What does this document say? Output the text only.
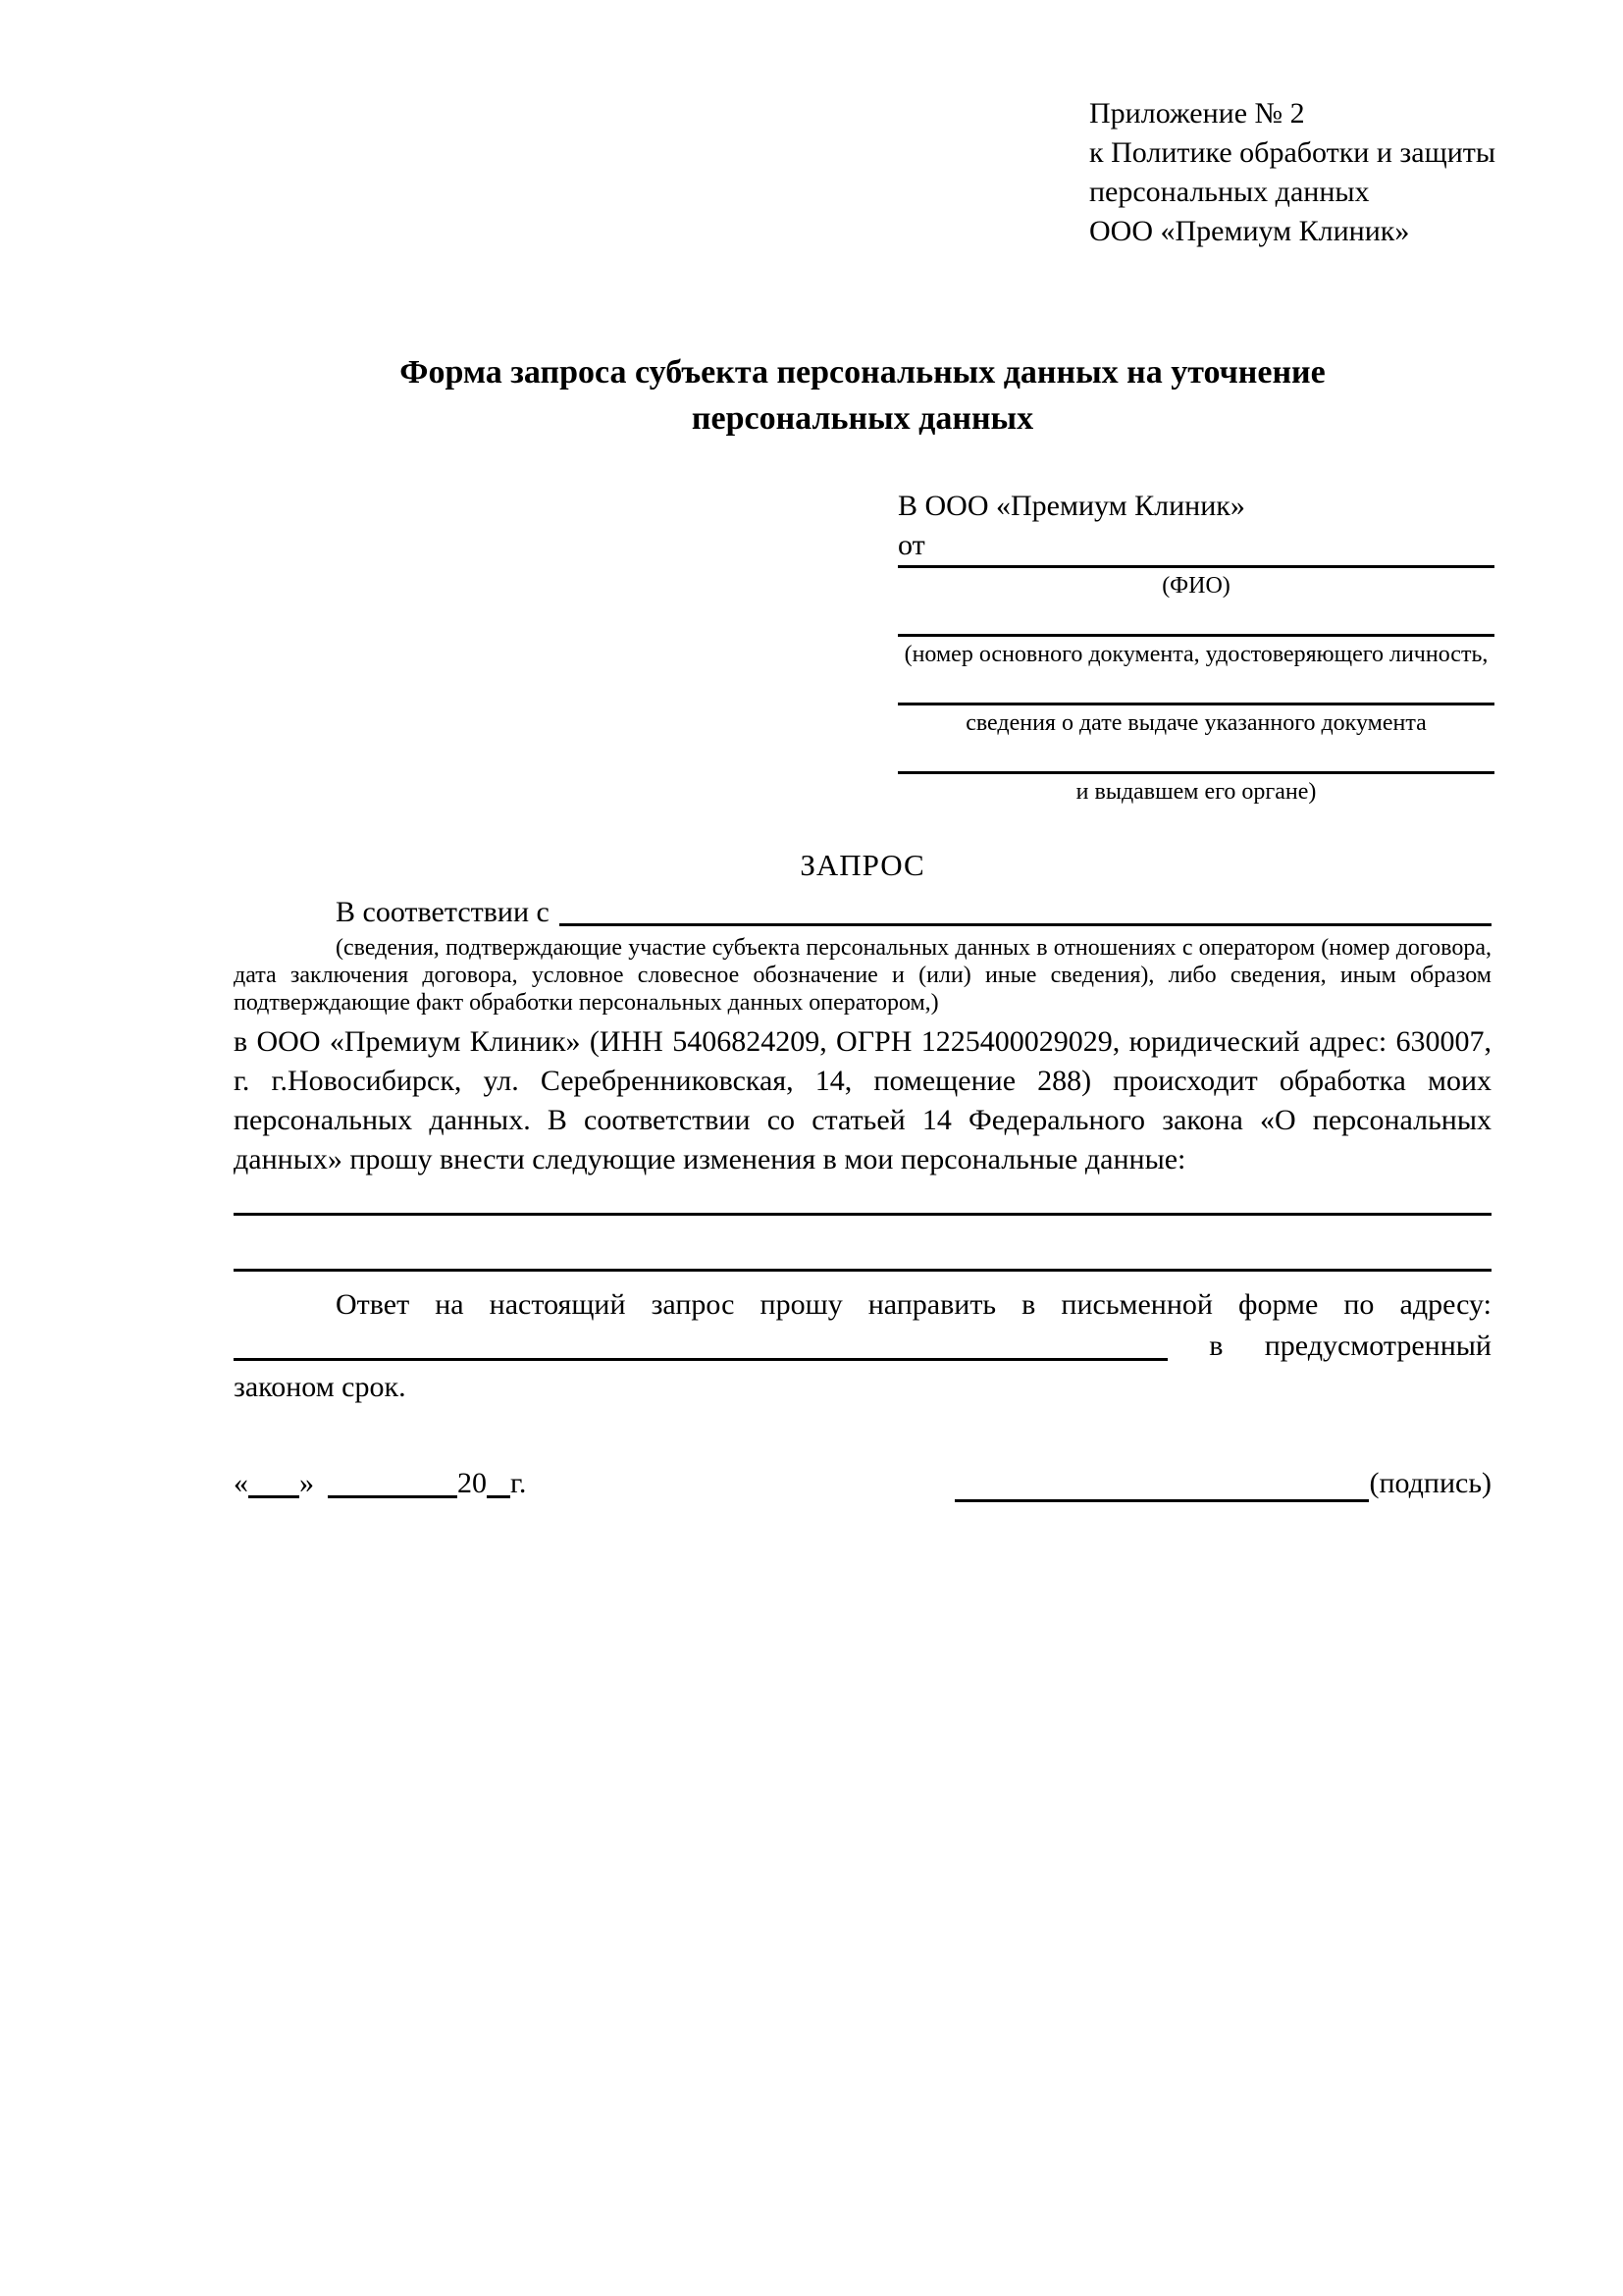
Приложение № 2
к Политике обработки и защиты
персональных данных
ООО «Премиум Клиник»
Форма запроса субъекта персональных данных на уточнение персональных данных
В ООО «Премиум Клиник»
от
(ФИО)
(номер основного документа, удостоверяющего личность,
сведения о дате выдаче указанного документа
и выдавшем его органе)
ЗАПРОС
В соответствии с
(сведения, подтверждающие участие субъекта персональных данных в отношениях с оператором (номер договора, дата заключения договора, условное словесное обозначение и (или) иные сведения), либо сведения, иным образом подтверждающие факт обработки персональных данных оператором,)
в ООО «Премиум Клиник» (ИНН 5406824209, ОГРН 1225400029029, юридический адрес: 630007, г. г.Новосибирск, ул. Серебренниковская, 14, помещение 288) происходит обработка моих персональных данных. В соответствии со статьей 14 Федерального закона «О персональных данных» прошу внести следующие изменения в мои персональные данные:
Ответ на настоящий запрос прошу направить в письменной форме по адресу:
в предусмотренный
законом срок.
« »	20 г.	(подпись)
